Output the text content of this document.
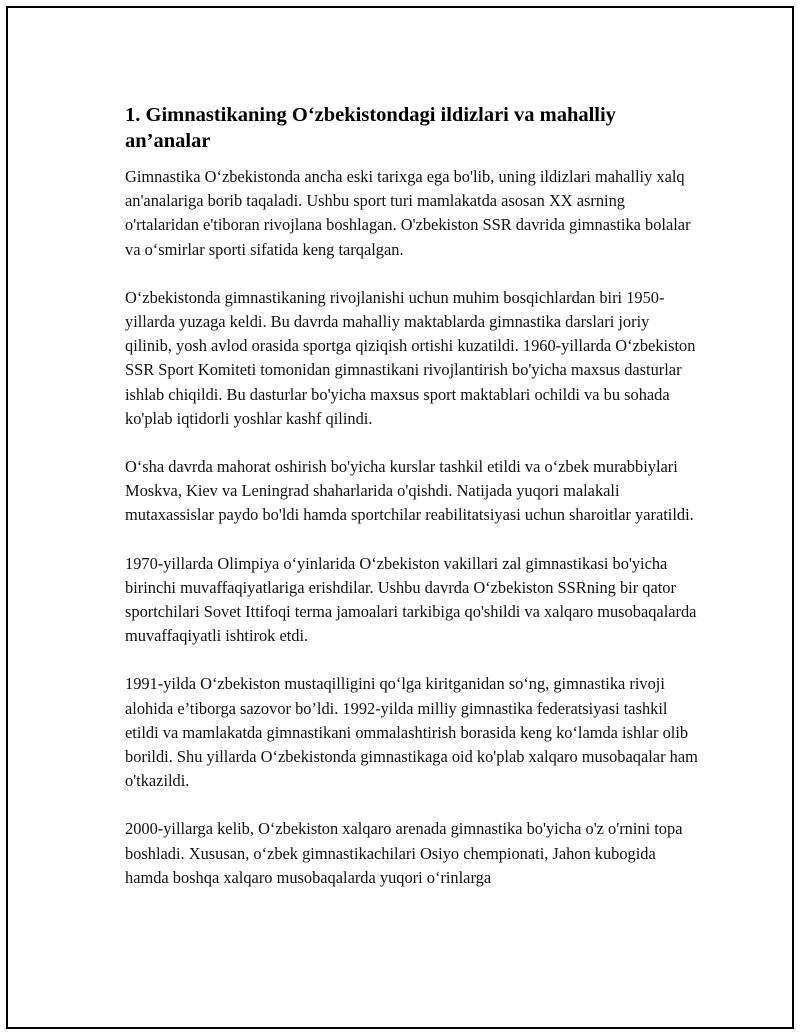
1. Gimnastikaning O‘zbekistondagi ildizlari va mahalliy an’analar

Gimnastika O‘zbekistonda ancha eski tarixga ega bo'lib, uning ildizlari mahalliy xalq an'analariga borib taqaladi. Ushbu sport turi mamlakatda asosan XX asrning o'rtalaridan e'tiboran rivojlana boshlagan. O'zbekiston SSR davrida gimnastika bolalar va o‘smirlar sporti sifatida keng tarqalgan.

O‘zbekistonda gimnastikaning rivojlanishi uchun muhim bosqichlardan biri 1950-yillarda yuzaga keldi. Bu davrda mahalliy maktablarda gimnastika darslari joriy qilinib, yosh avlod orasida sportga qiziqish ortishi kuzatildi. 1960-yillarda O‘zbekiston SSR Sport Komiteti tomonidan gimnastikani rivojlantirish bo'yicha maxsus dasturlar ishlab chiqildi. Bu dasturlar bo'yicha maxsus sport maktablari ochildi va bu sohada ko'plab iqtidorli yoshlar kashf qilindi.

O‘sha davrda mahorat oshirish bo'yicha kurslar tashkil etildi va o‘zbek murabbiylari Moskva, Kiev va Leningrad shaharlarida o'qishdi. Natijada yuqori malakali mutaxassislar paydo bo'ldi hamda sportchilar reabilitatsiyasi uchun sharoitlar yaratildi.

1970-yillarda Olimpiya o‘yinlarida O‘zbekiston vakillari zal gimnastikasi bo'yicha birinchi muvaffaqiyatlariga erishdilar. Ushbu davrda O‘zbekiston SSRning bir qator sportchilari Sovet Ittifoqi terma jamoalari tarkibiga qo'shildi va xalqaro musobaqalarda muvaffaqiyatli ishtirok etdi.

1991-yilda O‘zbekiston mustaqilligini qo‘lga kiritganidan so‘ng, gimnastika rivoji alohida e’tiborga sazovor bo’ldi. 1992-yilda milliy gimnastika federatsiyasi tashkil etildi va mamlakatda gimnastikani ommalashtirish borasida keng ko‘lamda ishlar olib borildi. Shu yillarda O‘zbekistonda gimnastikaga oid ko'plab xalqaro musobaqalar ham o'tkazildi.

2000-yillarga kelib, O‘zbekiston xalqaro arenada gimnastika bo'yicha o'z o'rnini topa boshladi. Xususan, o‘zbek gimnastikachilari Osiyo chempionati, Jahon kubogida hamda boshqa xalqaro musobaqalarda yuqori o‘rinlarga
